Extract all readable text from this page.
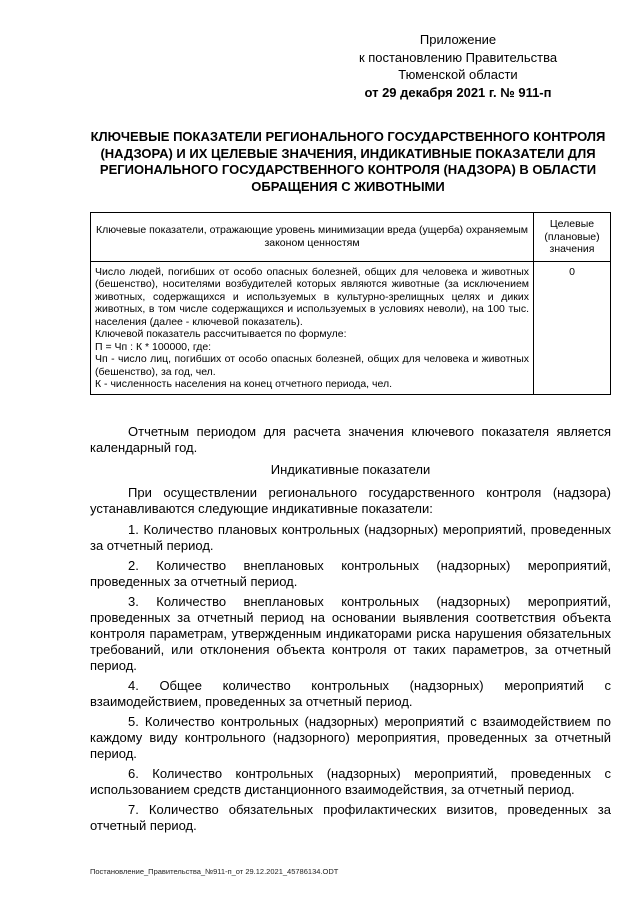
Приложение
к постановлению Правительства
Тюменской области
от 29 декабря 2021 г. № 911-п
КЛЮЧЕВЫЕ ПОКАЗАТЕЛИ РЕГИОНАЛЬНОГО ГОСУДАРСТВЕННОГО КОНТРОЛЯ (НАДЗОРА) И ИХ ЦЕЛЕВЫЕ ЗНАЧЕНИЯ, ИНДИКАТИВНЫЕ ПОКАЗАТЕЛИ ДЛЯ РЕГИОНАЛЬНОГО ГОСУДАРСТВЕННОГО КОНТРОЛЯ (НАДЗОРА) В ОБЛАСТИ ОБРАЩЕНИЯ С ЖИВОТНЫМИ
Ключевые показатели, отражающие уровень минимизации вреда (ущерба) охраняемым законом ценностям	Целевые (плановые) значения

Число людей, погибших от особо опасных болезней, общих для человека и животных (бешенство), носителями возбудителей которых являются животные (за исключением животных, содержащихся и используемых в культурно-зрелищных целях и диких животных, в том числе содержащихся и используемых в условиях неволи), на 100 тыс. населения (далее - ключевой показатель).
Ключевой показатель рассчитывается по формуле:
П = Чп : К * 100000, где:
Чп - число лиц, погибших от особо опасных болезней, общих для человека и животных (бешенство), за год, чел.
К - численность населения на конец отчетного периода, чел.	0

Отчетным периодом для расчета значения ключевого показателя является календарный год.

Индикативные показатели

При осуществлении регионального государственного контроля (надзора) устанавливаются следующие индикативные показатели:

1. Количество плановых контрольных (надзорных) мероприятий, проведенных за отчетный период.
2. Количество внеплановых контрольных (надзорных) мероприятий, проведенных за отчетный период.
3. Количество внеплановых контрольных (надзорных) мероприятий, проведенных за отчетный период на основании выявления соответствия объекта контроля параметрам, утвержденным индикаторами риска нарушения обязательных требований, или отклонения объекта контроля от таких параметров, за отчетный период.
4. Общее количество контрольных (надзорных) мероприятий с взаимодействием, проведенных за отчетный период.
5. Количество контрольных (надзорных) мероприятий с взаимодействием по каждому виду контрольного (надзорного) мероприятия, проведенных за отчетный период.
6. Количество контрольных (надзорных) мероприятий, проведенных с использованием средств дистанционного взаимодействия, за отчетный период.
7. Количество обязательных профилактических визитов, проведенных за отчетный период.
Постановление_Правительства_№911-п_от 29.12.2021_45786134.ODT
